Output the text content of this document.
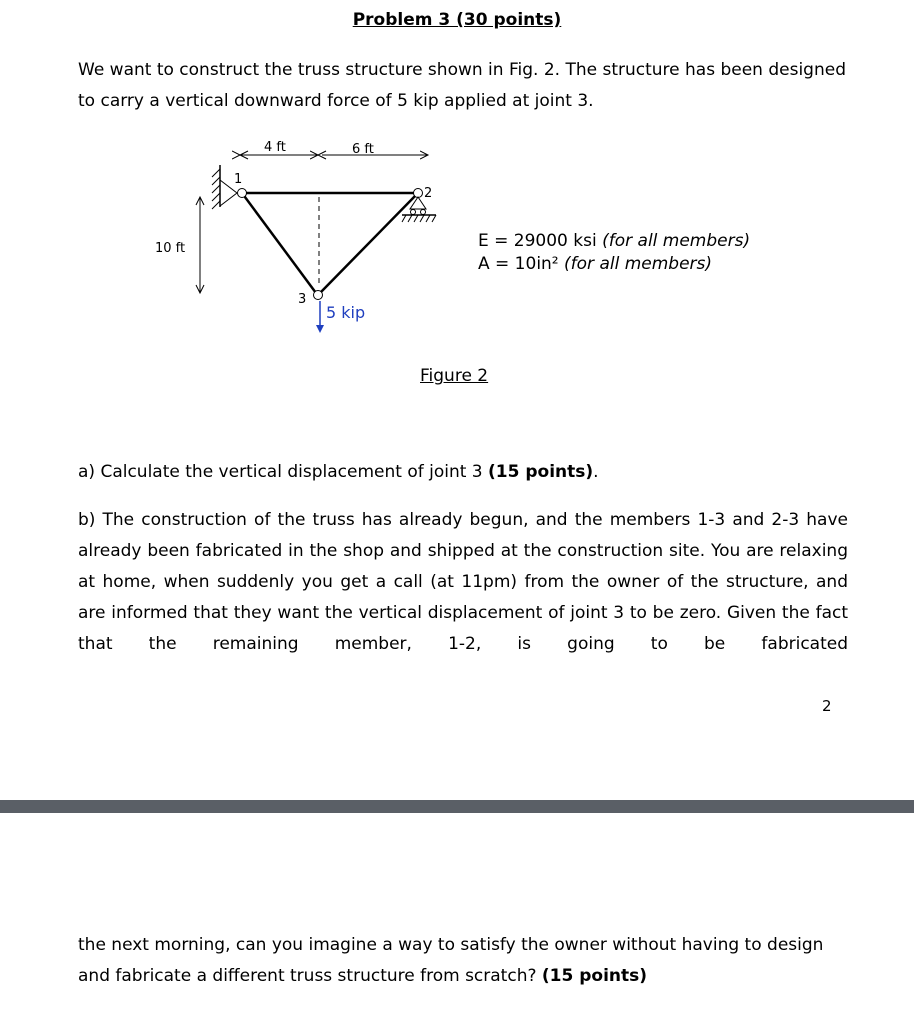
Problem 3 (30 points)
We want to construct the truss structure shown in Fig. 2. The structure has been designed to carry a vertical downward force of 5 kip applied at joint 3.
4 ft	6 ft
1
2
3
10 ft
5 kip
E = 29000 ksi (for all members)
A = 10in² (for all members)
Figure 2
a) Calculate the vertical displacement of joint 3 (15 points).
b) The construction of the truss has already begun, and the members 1-3 and 2-3 have already been fabricated in the shop and shipped at the construction site. You are relaxing at home, when suddenly you get a call (at 11pm) from the owner of the structure, and are informed that they want the vertical displacement of joint 3 to be zero. Given the fact that the remaining member, 1-2, is going to be fabricated
2
the next morning, can you imagine a way to satisfy the owner without having to design and fabricate a different truss structure from scratch? (15 points)
